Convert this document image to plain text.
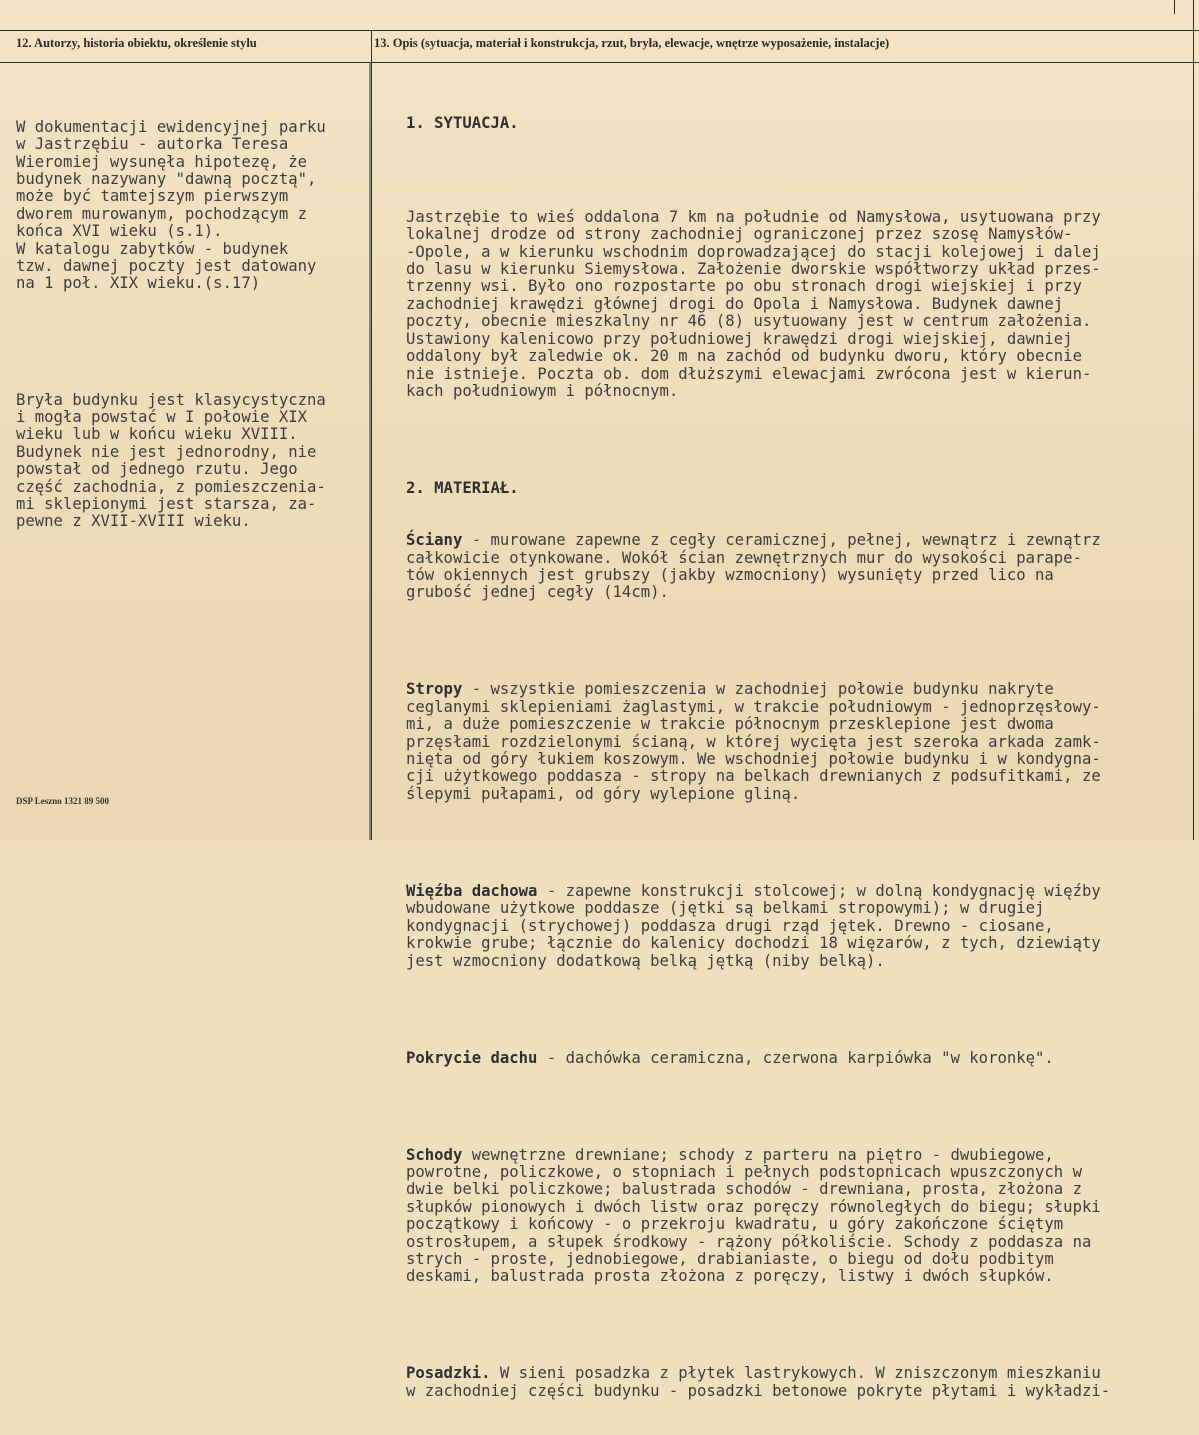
12. Autorzy, historia obiektu, określenie stylu	13. Opis (sytuacja, materiał i konstrukcja, rzut, bryła, elewacje, wnętrze wyposażenie, instalacje)

W dokumentacji ewidencyjnej parku
w Jastrzębiu - autorka Teresa
Wieromiej wysunęła hipotezę, że
budynek nazywany "dawną pocztą",
może być tamtejszym pierwszym
dworem murowanym, pochodzącym z
końca XVI wieku (s.1).
W katalogu zabytków - budynek
tzw. dawnej poczty jest datowany
na 1 poł. XIX wieku.(s.17)

Bryła budynku jest klasycystyczna
i mogła powstać w I połowie XIX
wieku lub w końcu wieku XVIII.
Budynek nie jest jednorodny, nie
powstał od jednego rzutu. Jego
część zachodnia, z pomieszczenia-
mi sklepionymi jest starsza, za-
pewne z XVII-XVIII wieku.

1. SYTUACJA.

Jastrzębie to wieś oddalona 7 km na południe od Namysłowa, usytuowana przy
lokalnej drodze od strony zachodniej ograniczonej przez szosę Namysłów-
-Opole, a w kierunku wschodnim doprowadzającej do stacji kolejowej i dalej
do lasu w kierunku Siemysłowa. Założenie dworskie współtworzy układ przes-
trzenny wsi. Było ono rozpostarte po obu stronach drogi wiejskiej i przy
zachodniej krawędzi głównej drogi do Opola i Namysłowa. Budynek dawnej
poczty, obecnie mieszkalny nr 46 (8) usytuowany jest w centrum założenia.
Ustawiony kalenicowo przy południowej krawędzi drogi wiejskiej, dawniej
oddalony był zaledwie ok. 20 m na zachód od budynku dworu, który obecnie
nie istnieje. Poczta ob. dom dłuższymi elewacjami zwrócona jest w kierun-
kach południowym i północnym.

2. MATERIAŁ.

Ściany - murowane zapewne z cegły ceramicznej, pełnej, wewnątrz i zewnątrz
całkowicie otynkowane. Wokół ścian zewnętrznych mur do wysokości parape-
tów okiennych jest grubszy (jakby wzmocniony) wysunięty przed lico na
grubość jednej cegły (14cm).

Stropy - wszystkie pomieszczenia w zachodniej połowie budynku nakryte
ceglanymi sklepieniami żaglastymi, w trakcie południowym - jednoprzęsłowy-
mi, a duże pomieszczenie w trakcie północnym przesklepione jest dwoma
przęsłami rozdzielonymi ścianą, w której wycięta jest szeroka arkada zamk-
nięta od góry łukiem koszowym. We wschodniej połowie budynku i w kondygna-
cji użytkowego poddasza - stropy na belkach drewnianych z podsufitkami, ze
ślepymi pułapami, od góry wylepione gliną.

Więźba dachowa - zapewne konstrukcji stolcowej; w dolną kondygnację więźby
wbudowane użytkowe poddasze (jętki są belkami stropowymi); w drugiej
kondygnacji (strychowej) poddasza drugi rząd jętek. Drewno - ciosane,
krokwie grube; łącznie do kalenicy dochodzi 18 więzarów, z tych, dziewiąty
jest wzmocniony dodatkową belką jętką (niby belką).

Pokrycie dachu - dachówka ceramiczna, czerwona karpiówka "w koronkę".

Schody wewnętrzne drewniane; schody z parteru na piętro - dwubiegowe,
powrotne, policzkowe, o stopniach i pełnych podstopnicach wpuszczonych w
dwie belki policzkowe; balustrada schodów - drewniana, prosta, złożona z
słupków pionowych i dwóch listw oraz poręczy równoległych do biegu; słupki
początkowy i końcowy - o przekroju kwadratu, u góry zakończone ściętym
ostrosłupem, a słupek środkowy - rążony półkoliście. Schody z poddasza na
strych - proste, jednobiegowe, drabianiaste, o biegu od dołu podbitym
deskami, balustrada prosta złożona z poręczy, listwy i dwóch słupków.

Posadzki. W sieni posadzka z płytek lastrykowych. W zniszczonym mieszkaniu
w zachodniej części budynku - posadzki betonowe pokryte płytami i wykładzi-

DSP Leszno 1321 89 500
